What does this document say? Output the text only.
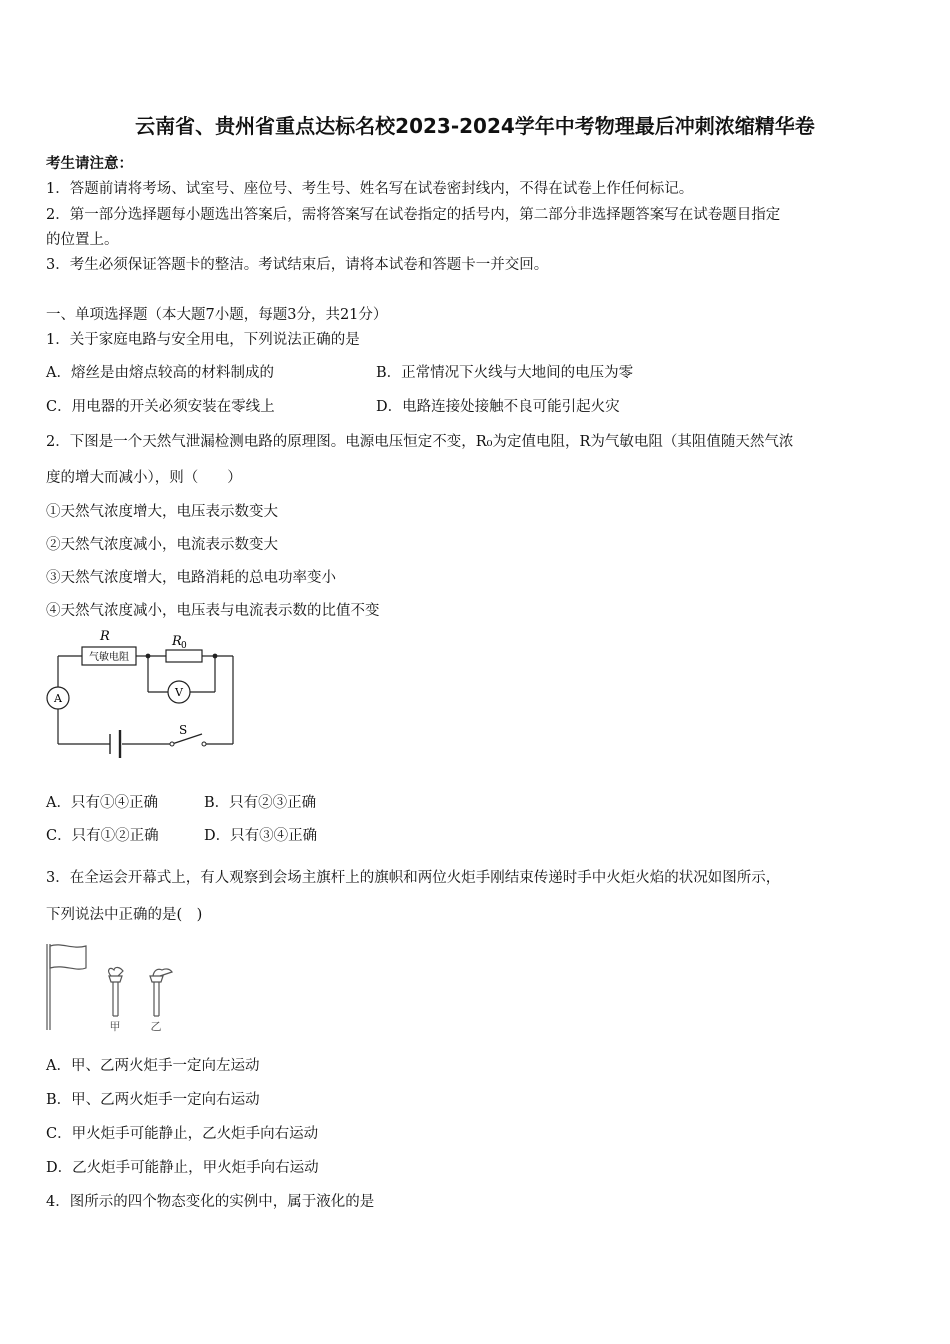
云南省、贵州省重点达标名校2023-2024学年中考物理最后冲刺浓缩精华卷
考生请注意：
1．答题前请将考场、试室号、座位号、考生号、姓名写在试卷密封线内，不得在试卷上作任何标记。
2．第一部分选择题每小题选出答案后，需将答案写在试卷指定的括号内，第二部分非选择题答案写在试卷题目指定
的位置上。
3．考生必须保证答题卡的整洁。考试结束后，请将本试卷和答题卡一并交回。
一、单项选择题（本大题7小题，每题3分，共21分）
1．关于家庭电路与安全用电，下列说法正确的是
A．熔丝是由熔点较高的材料制成的	B．正常情况下火线与大地间的电压为零
C．用电器的开关必须安装在零线上	D．电路连接处接触不良可能引起火灾
2．下图是一个天然气泄漏检测电路的原理图。电源电压恒定不变，R₀为定值电阻，R为气敏电阻（其阻值随天然气浓
度的增大而减小），则（　　）
①天然气浓度增大，电压表示数变大
②天然气浓度减小，电流表示数变大
③天然气浓度增大，电路消耗的总电功率变小
④天然气浓度减小，电压表与电流表示数的比值不变
R
气敏电阻
R 0
A	V
S
A．只有①④正确	B．只有②③正确
C．只有①②正确	D．只有③④正确
3．在全运会开幕式上，有人观察到会场主旗杆上的旗帜和两位火炬手刚结束传递时手中火炬火焰的状况如图所示，
下列说法中正确的是(　)
甲	乙
A．甲、乙两火炬手一定向左运动
B．甲、乙两火炬手一定向右运动
C．甲火炬手可能静止，乙火炬手向右运动
D．乙火炬手可能静止，甲火炬手向右运动
4．图所示的四个物态变化的实例中，属于液化的是
